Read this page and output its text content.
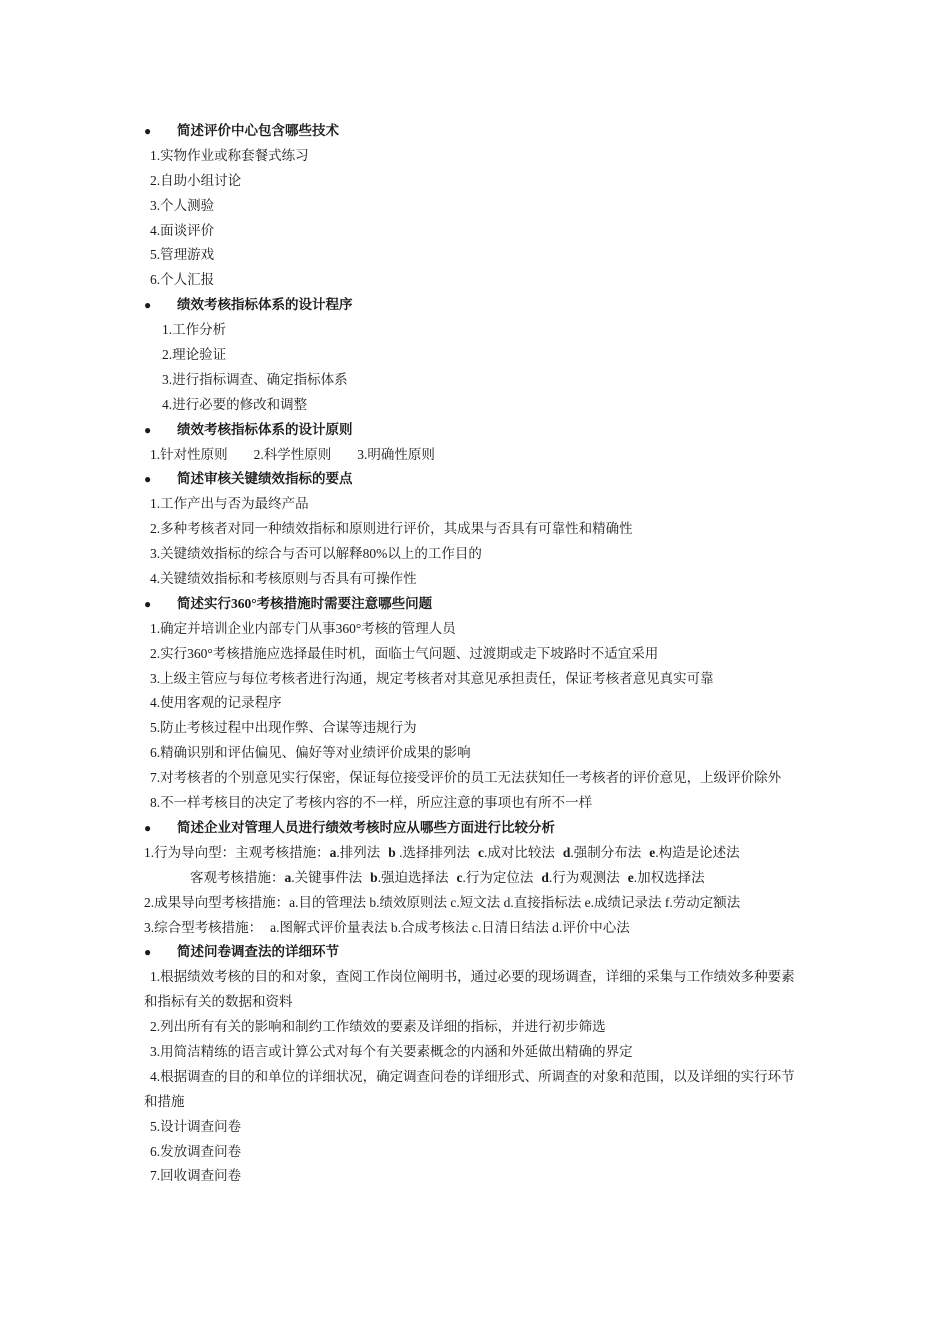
● 简述评价中心包含哪些技术
1.实物作业或称套餐式练习
2.自助小组讨论
3.个人测验
4.面谈评价
5.管理游戏
6.个人汇报
● 绩效考核指标体系的设计程序
1.工作分析
2.理论验证
3.进行指标调查、确定指标体系
4.进行必要的修改和调整
● 绩效考核指标体系的设计原则
1.针对性原则 2.科学性原则 3.明确性原则
● 简述审核关键绩效指标的要点
1.工作产出与否为最终产品
2.多种考核者对同一种绩效指标和原则进行评价，其成果与否具有可靠性和精确性
3.关键绩效指标的综合与否可以解释80%以上的工作目的
4.关键绩效指标和考核原则与否具有可操作性
● 简述实行360°考核措施时需要注意哪些问题
1.确定并培训企业内部专门从事360°考核的管理人员
2.实行360°考核措施应选择最佳时机，面临士气问题、过渡期或走下坡路时不适宜采用
3.上级主管应与每位考核者进行沟通，规定考核者对其意见承担责任，保证考核者意见真实可靠
4.使用客观的记录程序
5.防止考核过程中出现作弊、合谋等违规行为
6.精确识别和评估偏见、偏好等对业绩评价成果的影响
7.对考核者的个别意见实行保密，保证每位接受评价的员工无法获知任一考核者的评价意见，上级评价除外
8.不一样考核目的决定了考核内容的不一样，所应注意的事项也有所不一样
● 简述企业对管理人员进行绩效考核时应从哪些方面进行比较分析
1.行为导向型：主观考核措施：a.排列法 b .选择排列法 c.成对比较法 d.强制分布法 e.构造是论述法
客观考核措施：a.关键事件法 b.强迫选择法 c.行为定位法 d.行为观测法 e.加权选择法
2.成果导向型考核措施：a.目的管理法 b.绩效原则法 c.短文法 d.直接指标法 e.成绩记录法 f.劳动定额法
3.综合型考核措施： a.图解式评价量表法 b.合成考核法 c.日清日结法 d.评价中心法
● 简述问卷调查法的详细环节
1.根据绩效考核的目的和对象，查阅工作岗位阐明书，通过必要的现场调查，详细的采集与工作绩效多种要素和指标有关的数据和资料
2.列出所有有关的影响和制约工作绩效的要素及详细的指标，并进行初步筛选
3.用简洁精练的语言或计算公式对每个有关要素概念的内涵和外延做出精确的界定
4.根据调查的目的和单位的详细状况，确定调查问卷的详细形式、所调查的对象和范围，以及详细的实行环节和措施
5.设计调查问卷
6.发放调查问卷
7.回收调查问卷
